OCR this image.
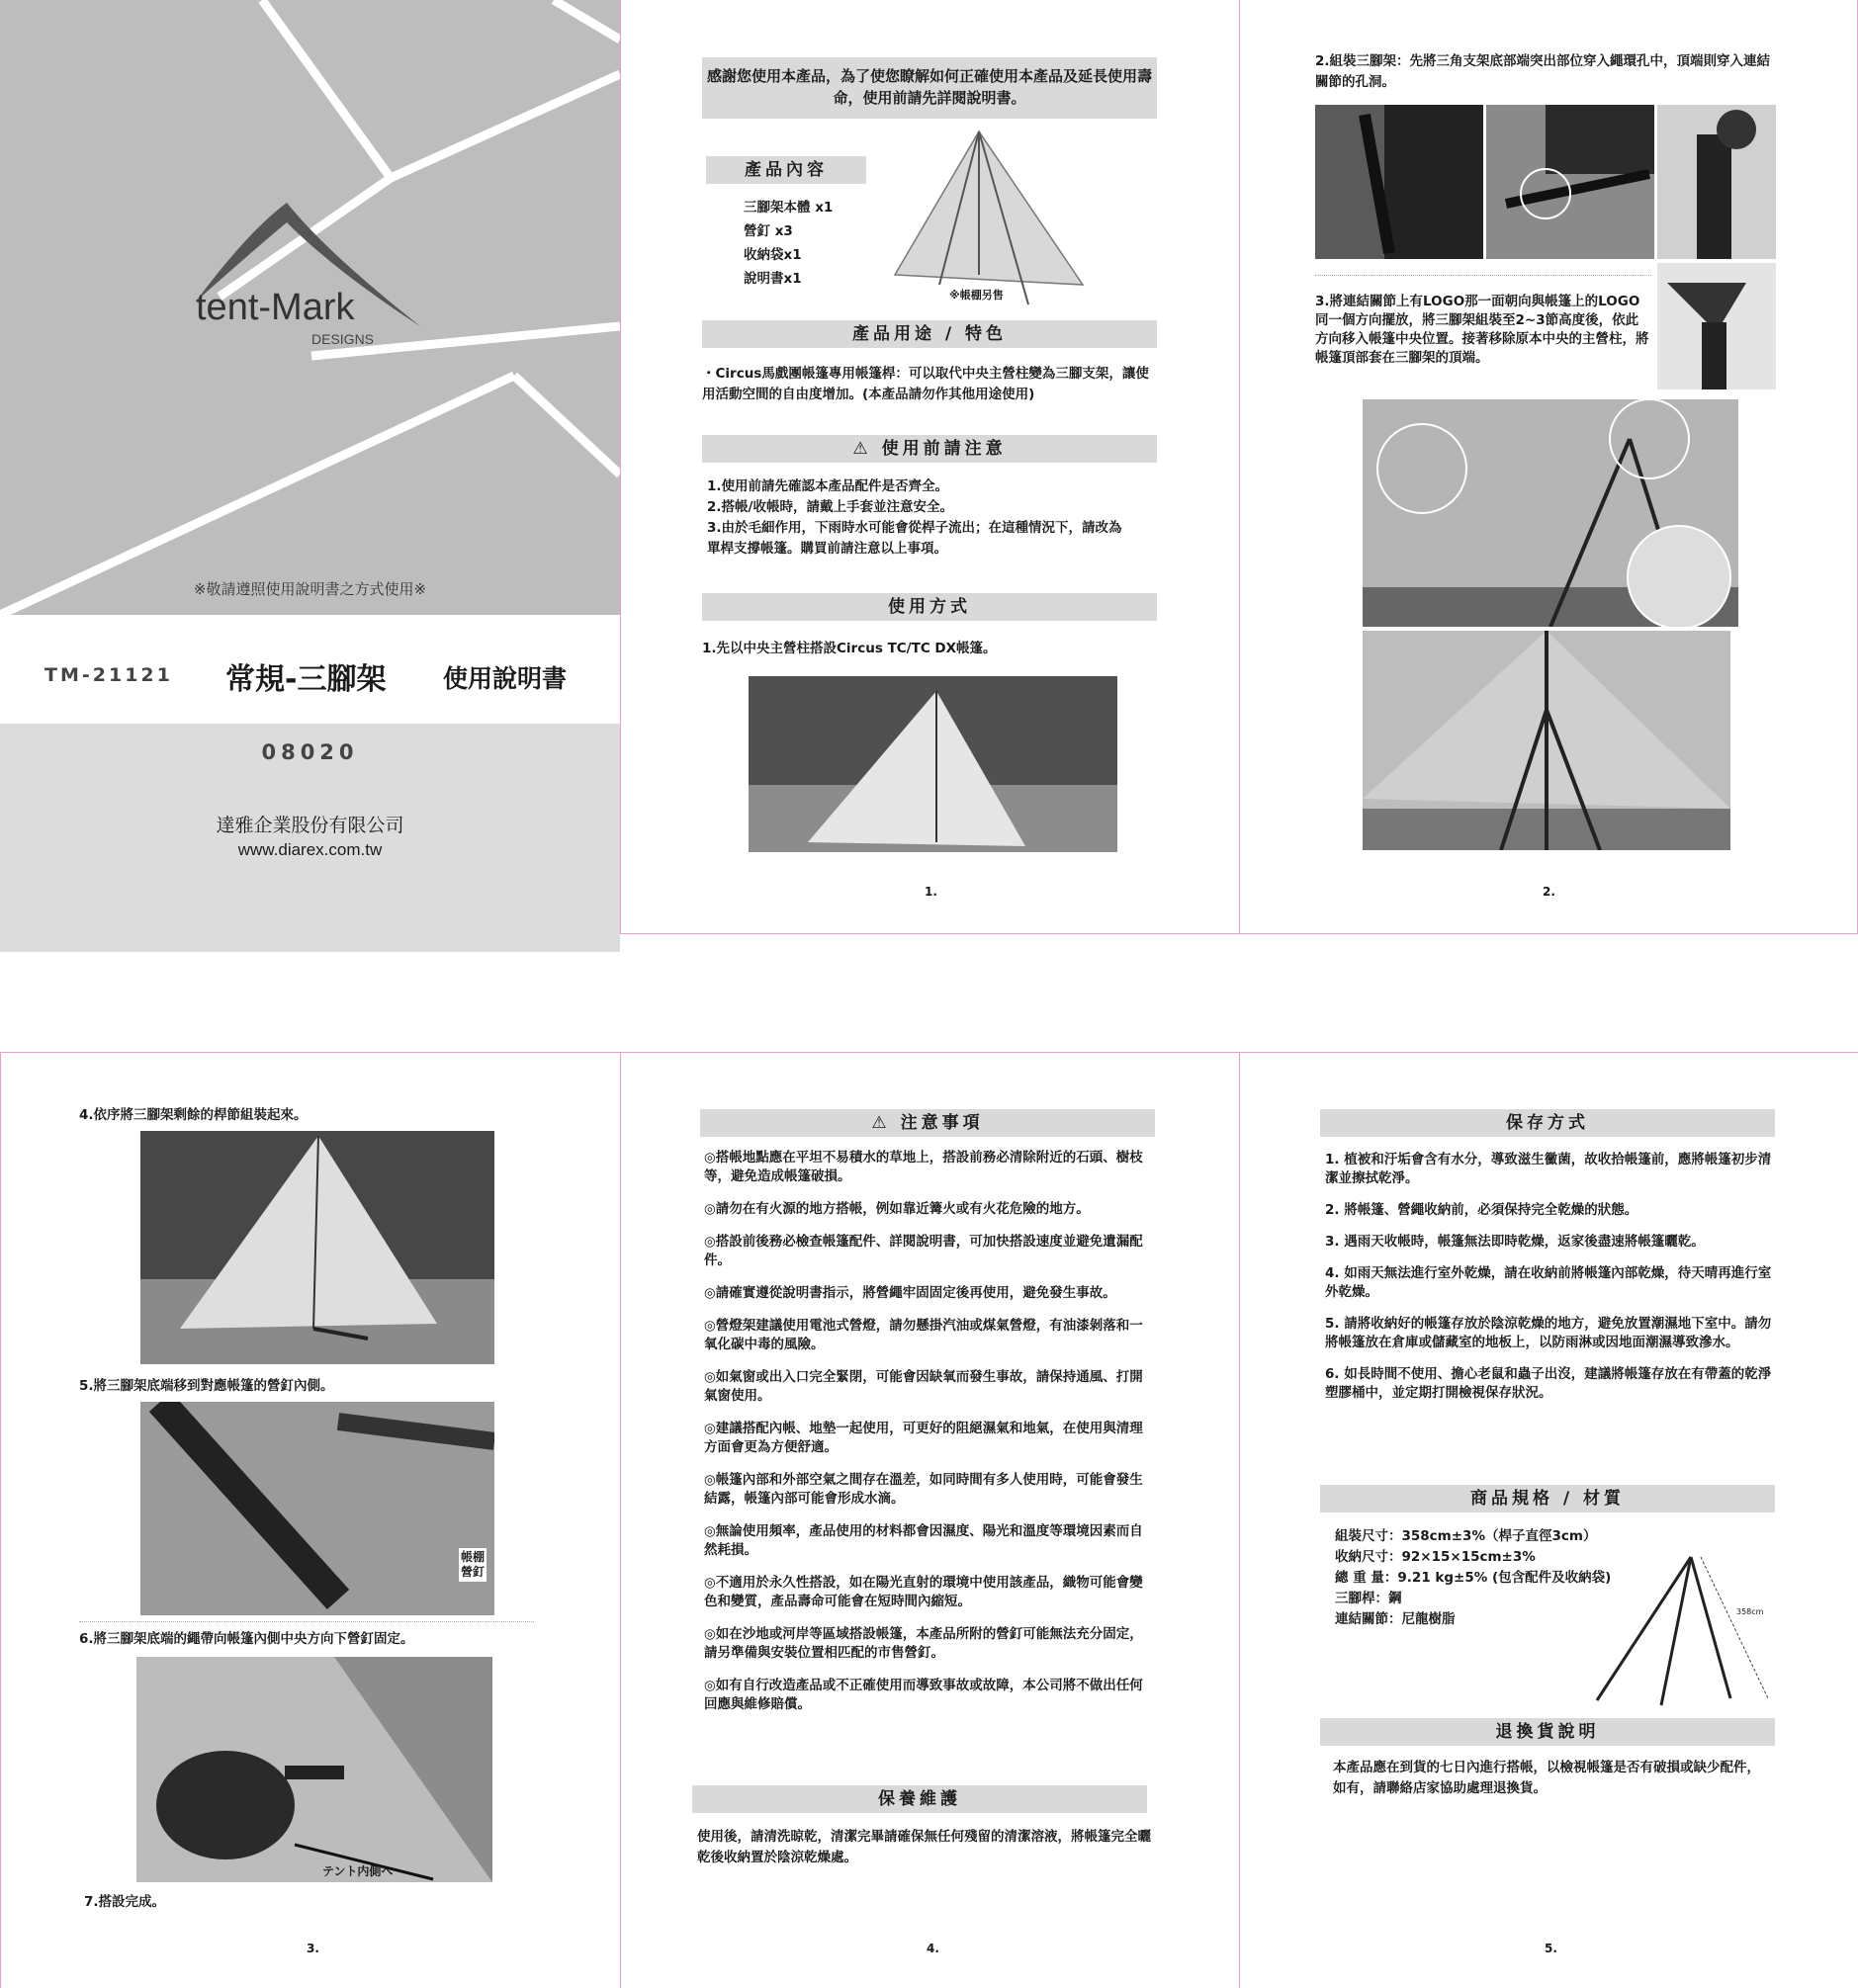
tent-Mark
DESIGNS
※敬請遵照使用說明書之方式使用※
TM-21121 常規-三腳架 使用說明書
08020
達雅企業股份有限公司
www.diarex.com.tw
感謝您使用本產品，為了使您瞭解如何正確使用本產品及延長使用壽命，使用前請先詳閱說明書。
產品內容
三腳架本體 x1
營釘 x3
收納袋x1
說明書x1
※帳棚另售
產品用途 / 特色
・Circus馬戲團帳篷專用帳篷桿：可以取代中央主營柱變為三腳支架，讓使用活動空間的自由度增加。(本產品請勿作其他用途使用)
⚠ 使用前請注意
1.使用前請先確認本產品配件是否齊全。
2.搭帳/收帳時，請戴上手套並注意安全。
3.由於毛細作用，下雨時水可能會從桿子流出；在這種情況下，請改為單桿支撐帳篷。購買前請注意以上事項。
使用方式
1.先以中央主營柱搭設Circus TC/TC DX帳篷。
1.
2.組裝三腳架：先將三角支架底部端突出部位穿入繩環孔中，頂端則穿入連結關節的孔洞。
3.將連結關節上有LOGO那一面朝向與帳篷上的LOGO同一個方向擺放，將三腳架組裝至2~3節高度後，依此方向移入帳篷中央位置。接著移除原本中央的主營柱，將帳篷頂部套在三腳架的頂端。
2.
4.依序將三腳架剩餘的桿節組裝起來。
5.將三腳架底端移到對應帳篷的營釘內側。
帳棚
營釘
6.將三腳架底端的繩帶向帳篷內側中央方向下營釘固定。
テント内側へ
7.搭設完成。
3.
⚠ 注意事項

◎搭帳地點應在平坦不易積水的草地上，搭設前務必清除附近的石頭、樹枝等，避免造成帳篷破損。

◎請勿在有火源的地方搭帳，例如靠近篝火或有火花危險的地方。

◎搭設前後務必檢查帳篷配件、詳閱說明書，可加快搭設速度並避免遺漏配件。

◎請確實遵從說明書指示，將營繩牢固固定後再使用，避免發生事故。

◎營燈架建議使用電池式營燈，請勿懸掛汽油或煤氣營燈，有油漆剝落和一氧化碳中毒的風險。

◎如氣窗或出入口完全緊閉，可能會因缺氧而發生事故，請保持通風、打開氣窗使用。

◎建議搭配內帳、地墊一起使用，可更好的阻絕濕氣和地氣，在使用與清理方面會更為方便舒適。

◎帳篷內部和外部空氣之間存在溫差，如同時間有多人使用時，可能會發生結露，帳篷內部可能會形成水滴。

◎無論使用頻率，產品使用的材料都會因濕度、陽光和溫度等環境因素而自然耗損。

◎不適用於永久性搭設，如在陽光直射的環境中使用該產品，織物可能會變色和變質，產品壽命可能會在短時間內縮短。

◎如在沙地或河岸等區域搭設帳篷，本產品所附的營釘可能無法充分固定，請另準備與安裝位置相匹配的市售營釘。

◎如有自行改造產品或不正確使用而導致事故或故障，本公司將不做出任何回應與維修賠償。

保養維護
使用後，請清洗晾乾，清潔完畢請確保無任何殘留的清潔溶液，將帳篷完全曬乾後收納置於陰涼乾燥處。
4.
保存方式

1. 植被和汙垢會含有水分，導致滋生黴菌，故收拾帳篷前，應將帳篷初步清潔並擦拭乾淨。

2. 將帳篷、營繩收納前，必須保持完全乾燥的狀態。

3. 遇雨天收帳時，帳篷無法即時乾燥，返家後盡速將帳篷曬乾。

4. 如雨天無法進行室外乾燥，請在收納前將帳篷內部乾燥，待天晴再進行室外乾燥。

5. 請將收納好的帳篷存放於陰涼乾燥的地方，避免放置潮濕地下室中。請勿將帳篷放在倉庫或儲藏室的地板上，以防雨淋或因地面潮濕導致滲水。

6. 如長時間不使用、擔心老鼠和蟲子出沒，建議將帳篷存放在有帶蓋的乾淨塑膠桶中，並定期打開檢視保存狀況。

商品規格 / 材質
組裝尺寸：358cm±3%（桿子直徑3cm）
收納尺寸：92×15×15cm±3%
總 重 量：9.21 kg±5% (包含配件及收納袋)
三腳桿：鋼
連結關節：尼龍樹脂	358cm
退換貨說明
本產品應在到貨的七日內進行搭帳，以檢視帳篷是否有破損或缺少配件，如有，請聯絡店家協助處理退換貨。
5.
